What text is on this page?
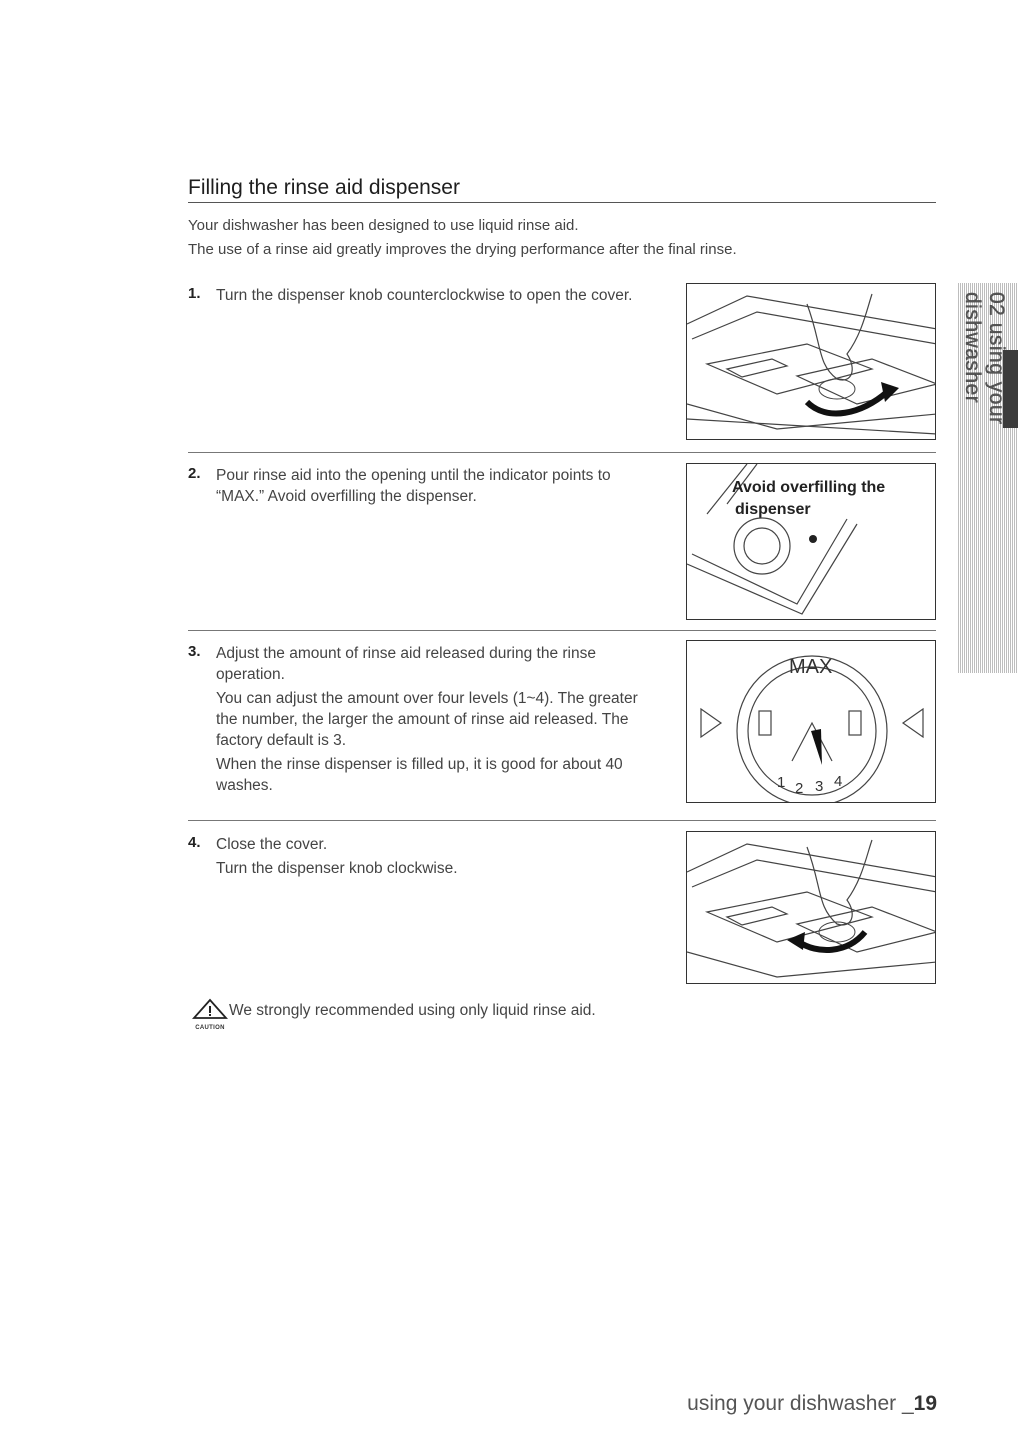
Filling the rinse aid dispenser
Your dishwasher has been designed to use liquid rinse aid.
The use of a rinse aid greatly improves the drying performance after the final rinse.
1. Turn the dispenser knob counterclockwise to open the cover.

2. Pour rinse aid into the opening until the indicator points to “MAX.” Avoid overfilling the dispenser.

Avoid overfilling the
dispenser
3. Adjust the amount of rinse aid released during the rinse operation.

You can adjust the amount over four levels (1~4). The greater the number, the larger the amount of rinse aid released. The factory default is 3.

When the rinse dispenser is filled up, it is good for about 40 washes.

MAX
1 2 3 4
4. Close the cover.

Turn the dispenser knob clockwise.

CAUTION
We strongly recommended using only liquid rinse aid.
02 using your dishwasher
using your dishwasher _19
